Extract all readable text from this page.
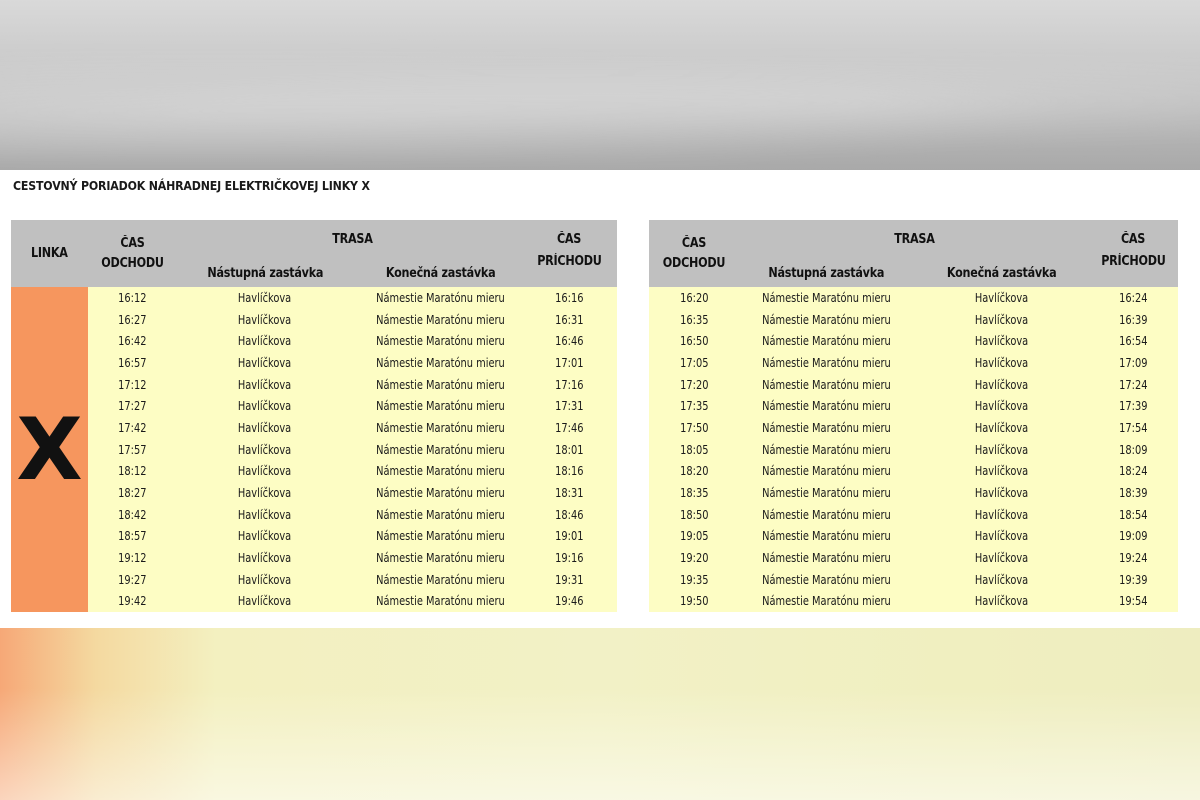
CESTOVNÝ PORIADOK NÁHRADNEJ ELEKTRIČKOVEJ LINKY X
LINKA
ČAS ODCHODU
TRASA
Nástupná zastávka	Konečná zastávka
ČAS
PRÍCHODU
X
16:12	Havlíčkova	Námestie Maratónu mieru	16:16
16:27	Havlíčkova	Námestie Maratónu mieru	16:31
16:42	Havlíčkova	Námestie Maratónu mieru	16:46
16:57	Havlíčkova	Námestie Maratónu mieru	17:01
17:12	Havlíčkova	Námestie Maratónu mieru	17:16
17:27	Havlíčkova	Námestie Maratónu mieru	17:31
17:42	Havlíčkova	Námestie Maratónu mieru	17:46
17:57	Havlíčkova	Námestie Maratónu mieru	18:01
18:12	Havlíčkova	Námestie Maratónu mieru	18:16
18:27	Havlíčkova	Námestie Maratónu mieru	18:31
18:42	Havlíčkova	Námestie Maratónu mieru	18:46
18:57	Havlíčkova	Námestie Maratónu mieru	19:01
19:12	Havlíčkova	Námestie Maratónu mieru	19:16
19:27	Havlíčkova	Námestie Maratónu mieru	19:31
19:42	Havlíčkova	Námestie Maratónu mieru	19:46
ČAS ODCHODU
TRASA
Nástupná zastávka	Konečná zastávka
ČAS
PRÍCHODU
16:20	Námestie Maratónu mieru	Havlíčkova	16:24
16:35	Námestie Maratónu mieru	Havlíčkova	16:39
16:50	Námestie Maratónu mieru	Havlíčkova	16:54
17:05	Námestie Maratónu mieru	Havlíčkova	17:09
17:20	Námestie Maratónu mieru	Havlíčkova	17:24
17:35	Námestie Maratónu mieru	Havlíčkova	17:39
17:50	Námestie Maratónu mieru	Havlíčkova	17:54
18:05	Námestie Maratónu mieru	Havlíčkova	18:09
18:20	Námestie Maratónu mieru	Havlíčkova	18:24
18:35	Námestie Maratónu mieru	Havlíčkova	18:39
18:50	Námestie Maratónu mieru	Havlíčkova	18:54
19:05	Námestie Maratónu mieru	Havlíčkova	19:09
19:20	Námestie Maratónu mieru	Havlíčkova	19:24
19:35	Námestie Maratónu mieru	Havlíčkova	19:39
19:50	Námestie Maratónu mieru	Havlíčkova	19:54
